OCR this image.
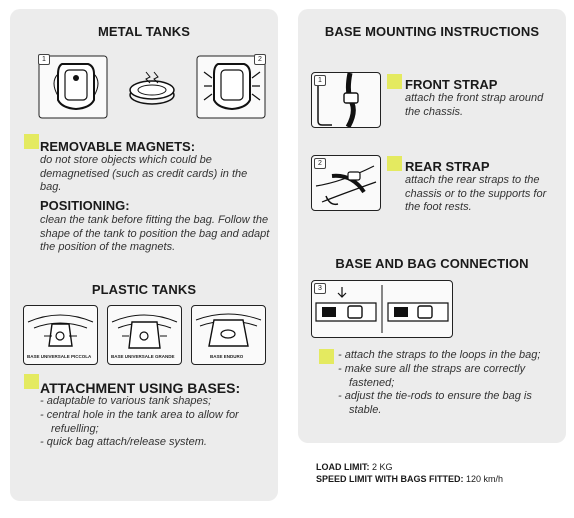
METAL TANKS
1	2
REMOVABLE MAGNETS:
do not store objects which could be demagnetised (such as credit cards) in the bag.
POSITIONING:
clean the tank before fitting the bag. Follow the shape of the tank to position the bag and adapt the position of the magnets.
PLASTIC TANKS
BASE UNIVERSALE PICCOLA	BASE UNIVERSALE GRANDE	BASE ENDURO
ATTACHMENT USING BASES:
- adaptable to various tank shapes;
- central hole in the tank area to allow for refuelling;
- quick bag attach/release system.
BASE MOUNTING INSTRUCTIONS
1	FRONT STRAP
attach the front strap around the chassis.
2	REAR STRAP
attach the rear straps to the chassis or to the supports for the foot rests.
BASE AND BAG CONNECTION
3
- attach the straps to the loops in the bag;
- make sure all the straps are correctly fastened;
- adjust the tie-rods to ensure the bag is stable.
LOAD LIMIT: 2 KG
SPEED LIMIT WITH BAGS FITTED: 120 km/h
